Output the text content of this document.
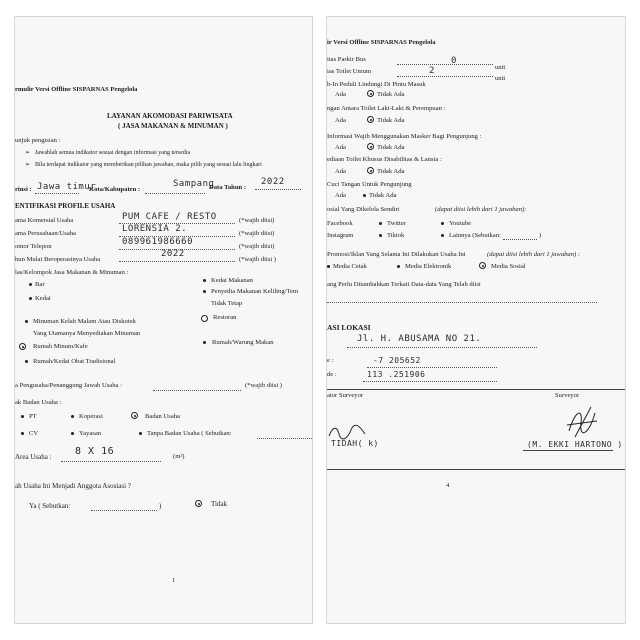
rmulir Versi Offline SISPARNAS Pengelola
LAYANAN AKOMODASI PARIWISATA
( JASA MAKANAN & MINUMAN )
unjuk pengisian :
➢ Jawablah semua indikator sesuai dengan informasi yang tersedia
➢ Bila terdapat indikator yang memberikan pilihan jawaban, maka pilih yang sesuai lalu lingkari
rinsi : Jawa timur
Kota/Kabupaten :
Sampang
Data Tahun :
2022
ENTIFIKASI PROFILE USAHA
ama Komersial Usaha	PUM CAFE / RESTO	(*wajib diisi)
ama Perusahaan/Usaha	LORENSIA 2.	(*wajib diisi)
omor Telepon	089961986660	(*wajib diisi)
hun Mulai Beroperasinya Usaha
2022
(*wajib diisi )
las/Kelompok Jasa Makanan & Minuman :
Bar
Kedai
Minuman Kelab Malam Atau Diskotek
Yang Utamanya Menyediakan Minuman
Rumah Minum/Kafe
Rumah/Kedai Obat Tradisional
Kedai Makanan
Penyedia Makanan Keliling/Tem
Tidak Tetap
Restoran
Rumah/Warung Makan
a Pengusaha/Penanggung Jawab Usaha :	(*wajib diisi )
ak Badan Usaha :
PT	Koperasi	Badan Usaha
CV	Yayasan	Tanpa Badan Usaha ( Sebutkan:
Area Usaha : 8 X 16	(m²)
ah Usaha Ini Menjadi Anggota Asosiasi ?
Ya ( Sebutkan:	)	Tidak
1
ir Versi Offline SISPARNAS Pengelola
itas Parkir Bus	0
unit
ias Toilet Umum	2
unit
h-In Peduli Lindungi Di Pintu Masuk
Ada	Tidak Ada
ngan Antara Toilet Laki-Laki & Perempuan :
Ada	Tidak Ada
Informasi Wajib Menggunakan Masker Bagi Pengunjung :
Ada	Tidak Ada
ediaan Toilet Khusus Disabilitas & Lansia :
Ada	Tidak Ada
Cuci Tangan Untuk Pengunjung
Ada	Tidak Ada
osial Yang Dikelola Sendiri	(dapat diisi lebih dari 1 jawaban):
Facebook	Twitter	Youtube
Instagram	Tiktok	Lainnya (Sebutkan:	)
Promosi/Iklan Yang Selama Ini Dilakukan Usaha Ini	(dapat diisi lebih dari 1 jawaban) :
Media Cetak	Media Elektronik	Media Sosial
ang Perlu Ditambahkan Terkait Data-data Yang Telah diisi
ASI LOKASI
Jl. H. ABUSAMA NO 21.
e :	-7 205652
de :	113 .251906
ator Surveyor	Surveyor
TIDAH( k)	(M. EKKI HARTONO )
4
